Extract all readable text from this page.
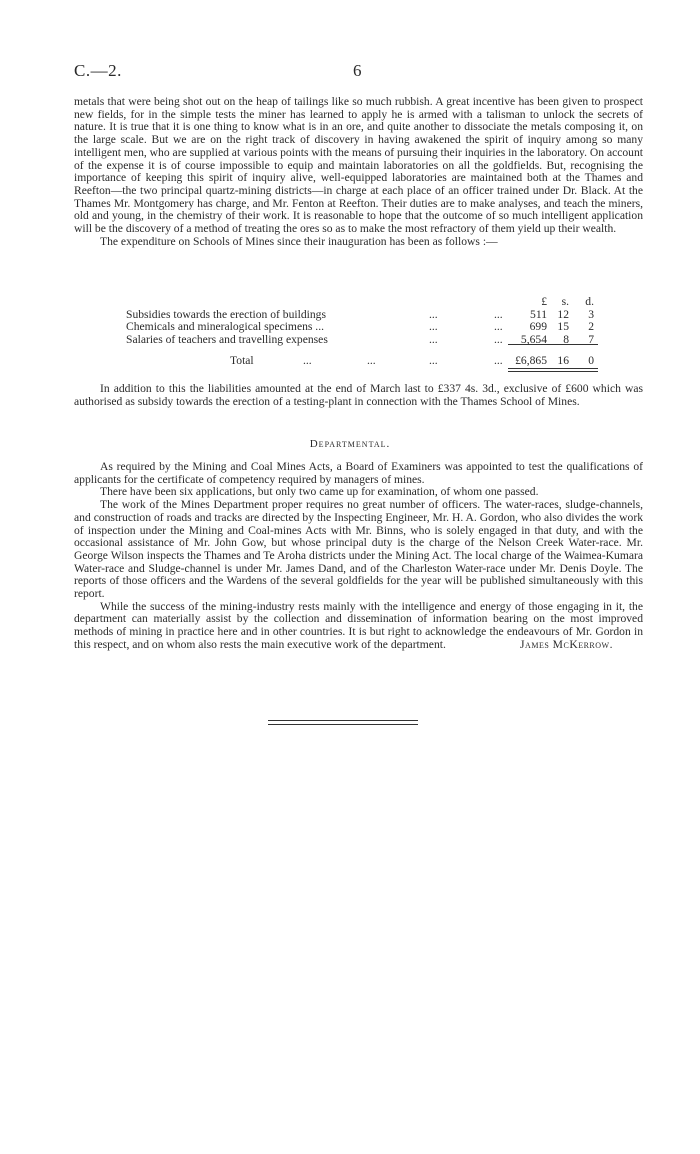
C.—2.	6

metals that were being shot out on the heap of tailings like so much rubbish. A great incentive has been given to prospect new fields, for in the simple tests the miner has learned to apply he is armed with a talisman to unlock the secrets of nature. It is true that it is one thing to know what is in an ore, and quite another to dissociate the metals composing it, on the large scale. But we are on the right track of discovery in having awakened the spirit of inquiry among so many intelligent men, who are supplied at various points with the means of pursuing their inquiries in the laboratory. On account of the expense it is of course impossible to equip and maintain laboratories on all the goldfields. But, recognising the importance of keeping this spirit of inquiry alive, well-equipped laboratories are maintained both at the Thames and Reefton—the two principal quartz-mining districts—in charge at each place of an officer trained under Dr. Black. At the Thames Mr. Montgomery has charge, and Mr. Fenton at Reefton. Their duties are to make analyses, and teach the miners, old and young, in the chemistry of their work. It is reasonable to hope that the outcome of so much intelligent application will be the discovery of a method of treating the ores so as to make the most refractory of them yield up their wealth.

The expenditure on Schools of Mines since their inauguration has been as follows :—

£	s.	d.
Subsidies towards the erection of buildings	...	...	511 12	3
Chemicals and mineralogical specimens ...	...	...	699 15	2
Salaries of teachers and travelling expenses	...	...	5,654	8	7
Total	...	...	...	...	£6,865 16	0

In addition to this the liabilities amounted at the end of March last to £337 4s. 3d., exclusive of £600 which was authorised as subsidy towards the erection of a testing-plant in connection with the Thames School of Mines.

Departmental.

As required by the Mining and Coal Mines Acts, a Board of Examiners was appointed to test the qualifications of applicants for the certificate of competency required by managers of mines.

There have been six applications, but only two came up for examination, of whom one passed.

The work of the Mines Department proper requires no great number of officers. The water-races, sludge-channels, and construction of roads and tracks are directed by the Inspecting Engineer, Mr. H. A. Gordon, who also divides the work of inspection under the Mining and Coal-mines Acts with Mr. Binns, who is solely engaged in that duty, and with the occasional assistance of Mr. John Gow, but whose principal duty is the charge of the Nelson Creek Water-race. Mr. George Wilson inspects the Thames and Te Aroha districts under the Mining Act. The local charge of the Waimea-Kumara Water-race and Sludge-channel is under Mr. James Dand, and of the Charleston Water-race under Mr. Denis Doyle. The reports of those officers and the Wardens of the several goldfields for the year will be published simultaneously with this report.

While the success of the mining-industry rests mainly with the intelligence and energy of those engaging in it, the department can materially assist by the collection and dissemination of information bearing on the most improved methods of mining in practice here and in other countries. It is but right to acknowledge the endeavours of Mr. Gordon in this respect, and on whom also rests the main executive work of the department.	James McKerrow.
